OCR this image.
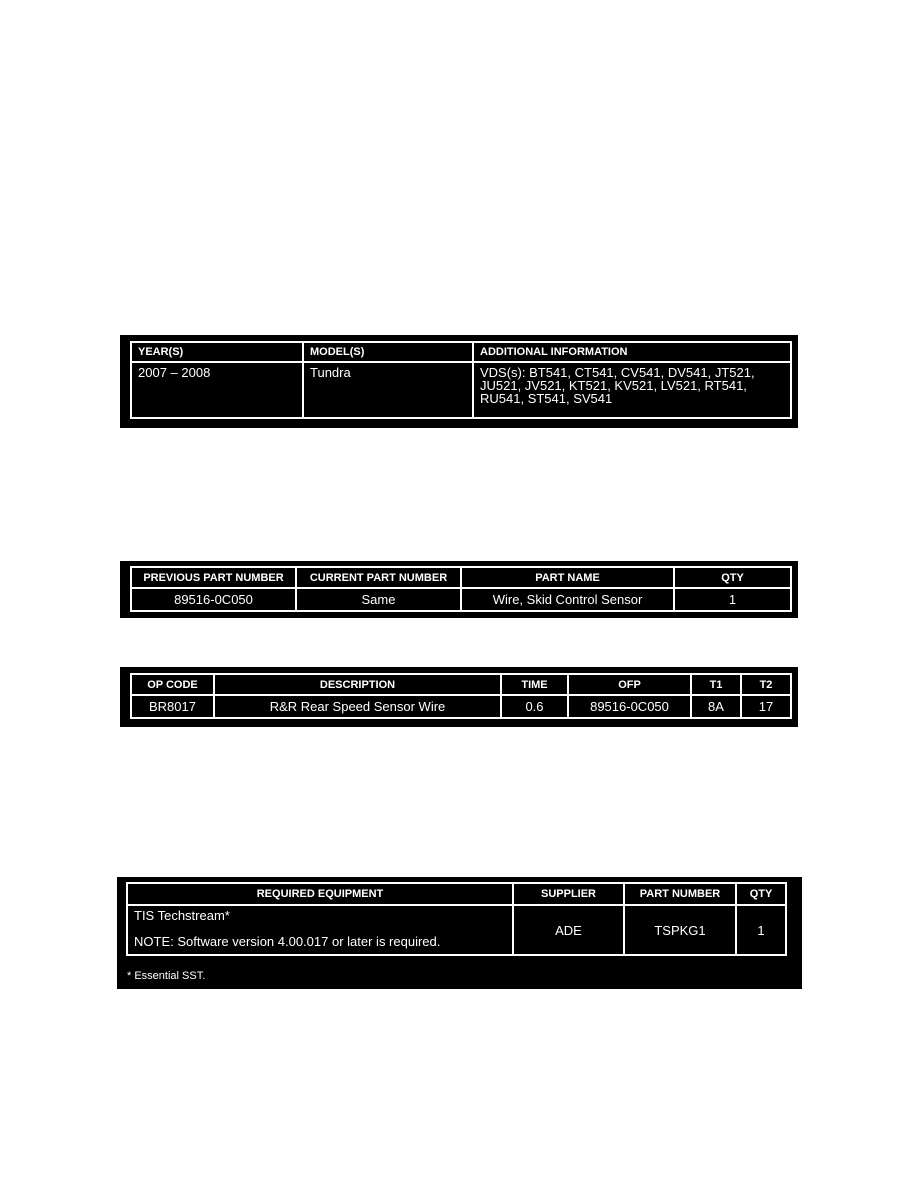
YEAR(S)	MODEL(S)	ADDITIONAL INFORMATION
2007 – 2008	Tundra	VDS(s): BT541, CT541, CV541, DV541, JT521, JU521, JV521, KT521, KV521, LV521, RT541, RU541, ST541, SV541
PREVIOUS PART NUMBER	CURRENT PART NUMBER	PART NAME	QTY
89516-0C050	Same	Wire, Skid Control Sensor	1
OP CODE	DESCRIPTION	TIME	OFP	T1	T2
BR8017	R&R Rear Speed Sensor Wire	0.6	89516-0C050	8A	17
REQUIRED EQUIPMENT	SUPPLIER	PART NUMBER	QTY

TIS Techstream*
NOTE: Software version 4.00.017 or later is required.	ADE	TSPKG1	1
* Essential SST.
